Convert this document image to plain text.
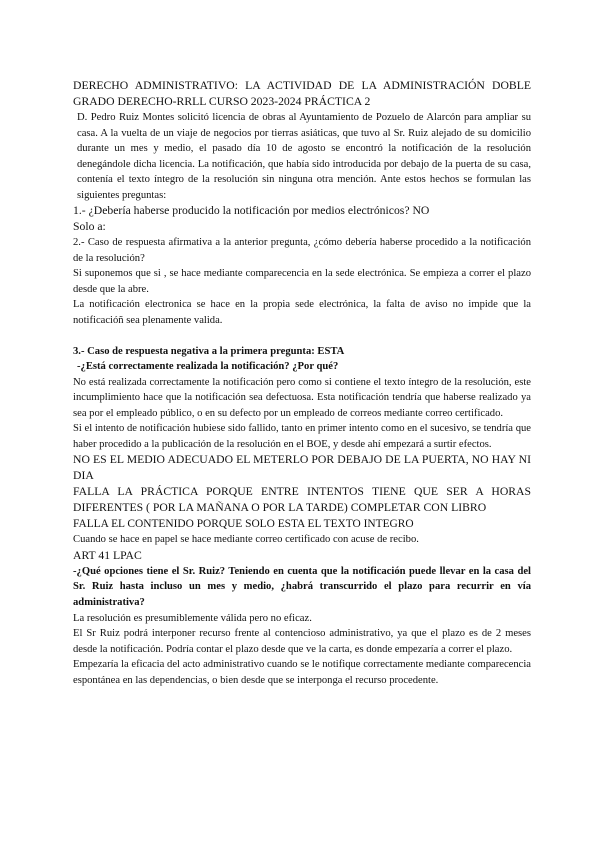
DERECHO ADMINISTRATIVO: LA ACTIVIDAD DE LA ADMINISTRACIÓN DOBLE GRADO DERECHO-RRLL CURSO 2023-2024 PRÁCTICA 2

D. Pedro Ruiz Montes solicitó licencia de obras al Ayuntamiento de Pozuelo de Alarcón para ampliar su casa. A la vuelta de un viaje de negocios por tierras asiáticas, que tuvo al Sr. Ruiz alejado de su domicilio durante un mes y medio, el pasado día 10 de agosto se encontró la notificación de la resolución denegándole dicha licencia. La notificación, que había sido introducida por debajo de la puerta de su casa, contenía el texto íntegro de la resolución sin ninguna otra mención. Ante estos hechos se formulan las siguientes preguntas:

1.- ¿Debería haberse producido la notificación por medios electrónicos? NO

Solo a:

2.- Caso de respuesta afirmativa a la anterior pregunta, ¿cómo debería haberse procedido a la notificación de la resolución?

Si suponemos que si , se hace mediante comparecencia en la sede electrónica. Se empieza a correr el plazo desde que la abre.

La notificación electronica se hace en la propia sede electrónica, la falta de aviso no impide que la notificacióñ sea plenamente valida.

3.- Caso de respuesta negativa a la primera pregunta: ESTA

-¿Está correctamente realizada la notificación? ¿Por qué?

No está realizada correctamente la notificación pero como si contiene el texto íntegro de la resolución, este incumplimiento hace que la notificación sea defectuosa. Esta notificación tendría que haberse realizado ya sea por el empleado público, o en su defecto por un empleado de correos mediante correo certificado.

Si el intento de notificación hubiese sido fallido, tanto en primer intento como en el sucesivo, se tendría que haber procedido a la publicación de la resolución en el BOE, y desde ahí empezará a surtir efectos.

NO ES EL MEDIO ADECUADO EL METERLO POR DEBAJO DE LA PUERTA, NO HAY NI DIA

FALLA LA PRÁCTICA PORQUE ENTRE INTENTOS TIENE QUE SER A HORAS DIFERENTES ( POR LA MAÑANA O POR LA TARDE) COMPLETAR CON LIBRO

FALLA EL CONTENIDO PORQUE SOLO ESTA EL TEXTO INTEGRO

Cuando se hace en papel se hace mediante correo certificado con acuse de recibo.

ART 41 LPAC

-¿Qué opciones tiene el Sr. Ruiz? Teniendo en cuenta que la notificación puede llevar en la casa del Sr. Ruiz hasta incluso un mes y medio, ¿habrá transcurrido el plazo para recurrir en vía administrativa?

La resolución es presumiblemente válida pero no eficaz.

El Sr Ruiz podrá interponer recurso frente al contencioso administrativo, ya que el plazo es de 2 meses desde la notificación. Podría contar el plazo desde que ve la carta, es donde empezaría a correr el plazo.

Empezaría la eficacia del acto administrativo cuando se le notifique correctamente mediante comparecencia espontánea en las dependencias, o bien desde que se interponga el recurso procedente.
